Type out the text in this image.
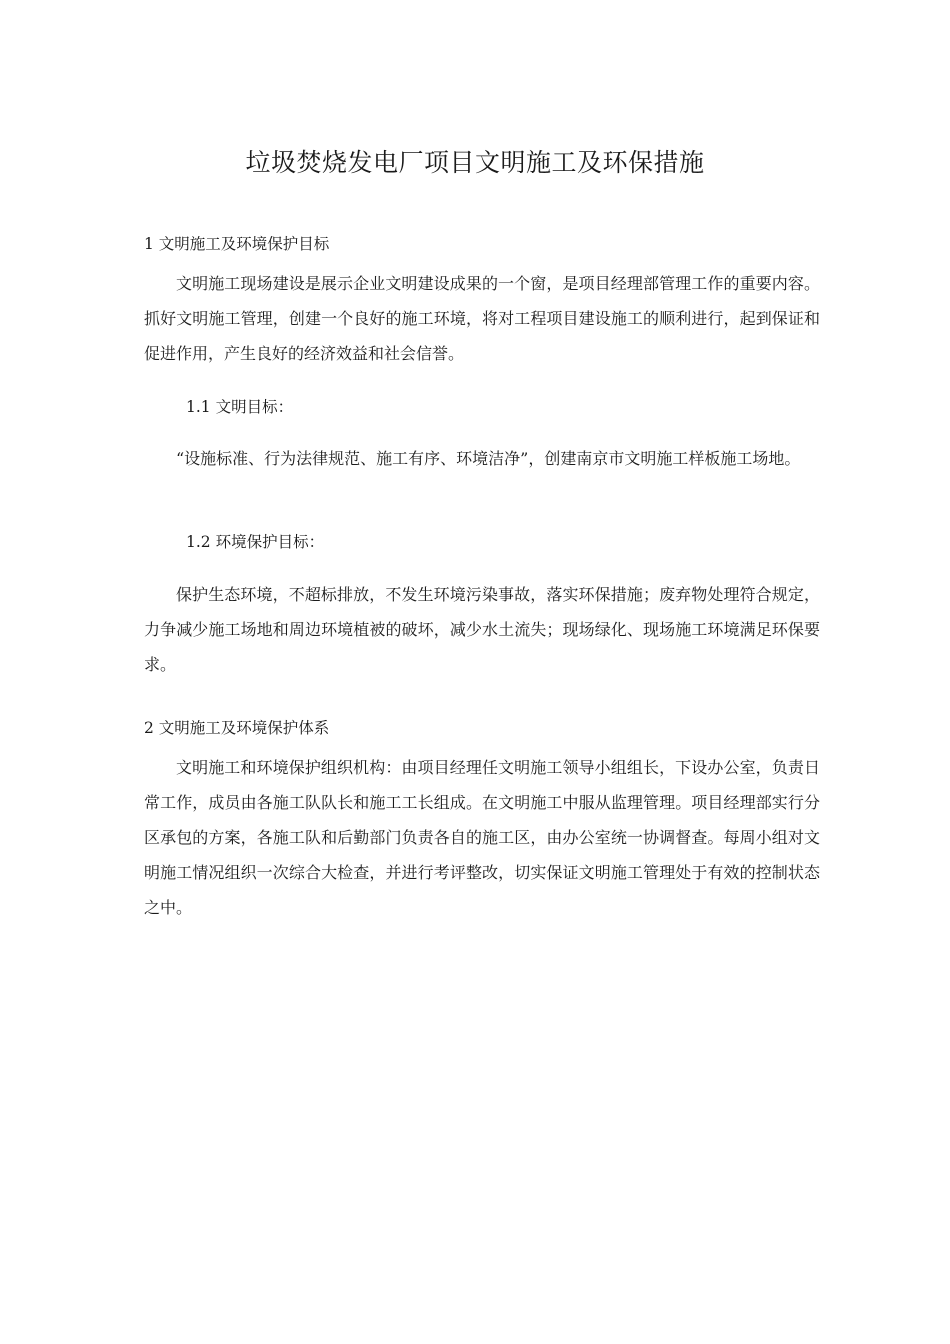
垃圾焚烧发电厂项目文明施工及环保措施
1 文明施工及环境保护目标
文明施工现场建设是展示企业文明建设成果的一个窗，是项目经理部管理工作的重要内容。抓好文明施工管理，创建一个良好的施工环境，将对工程项目建设施工的顺利进行，起到保证和促进作用，产生良好的经济效益和社会信誉。
1.1 文明目标：
“设施标准、行为法律规范、施工有序、环境洁净”，创建南京市文明施工样板施工场地。
1.2 环境保护目标：
保护生态环境，不超标排放，不发生环境污染事故，落实环保措施；废弃物处理符合规定，力争减少施工场地和周边环境植被的破坏，减少水土流失；现场绿化、现场施工环境满足环保要求。
2 文明施工及环境保护体系
文明施工和环境保护组织机构：由项目经理任文明施工领导小组组长，下设办公室，负责日常工作，成员由各施工队队长和施工工长组成。在文明施工中服从监理管理。项目经理部实行分区承包的方案，各施工队和后勤部门负责各自的施工区，由办公室统一协调督查。每周小组对文明施工情况组织一次综合大检查，并进行考评整改，切实保证文明施工管理处于有效的控制状态之中。
